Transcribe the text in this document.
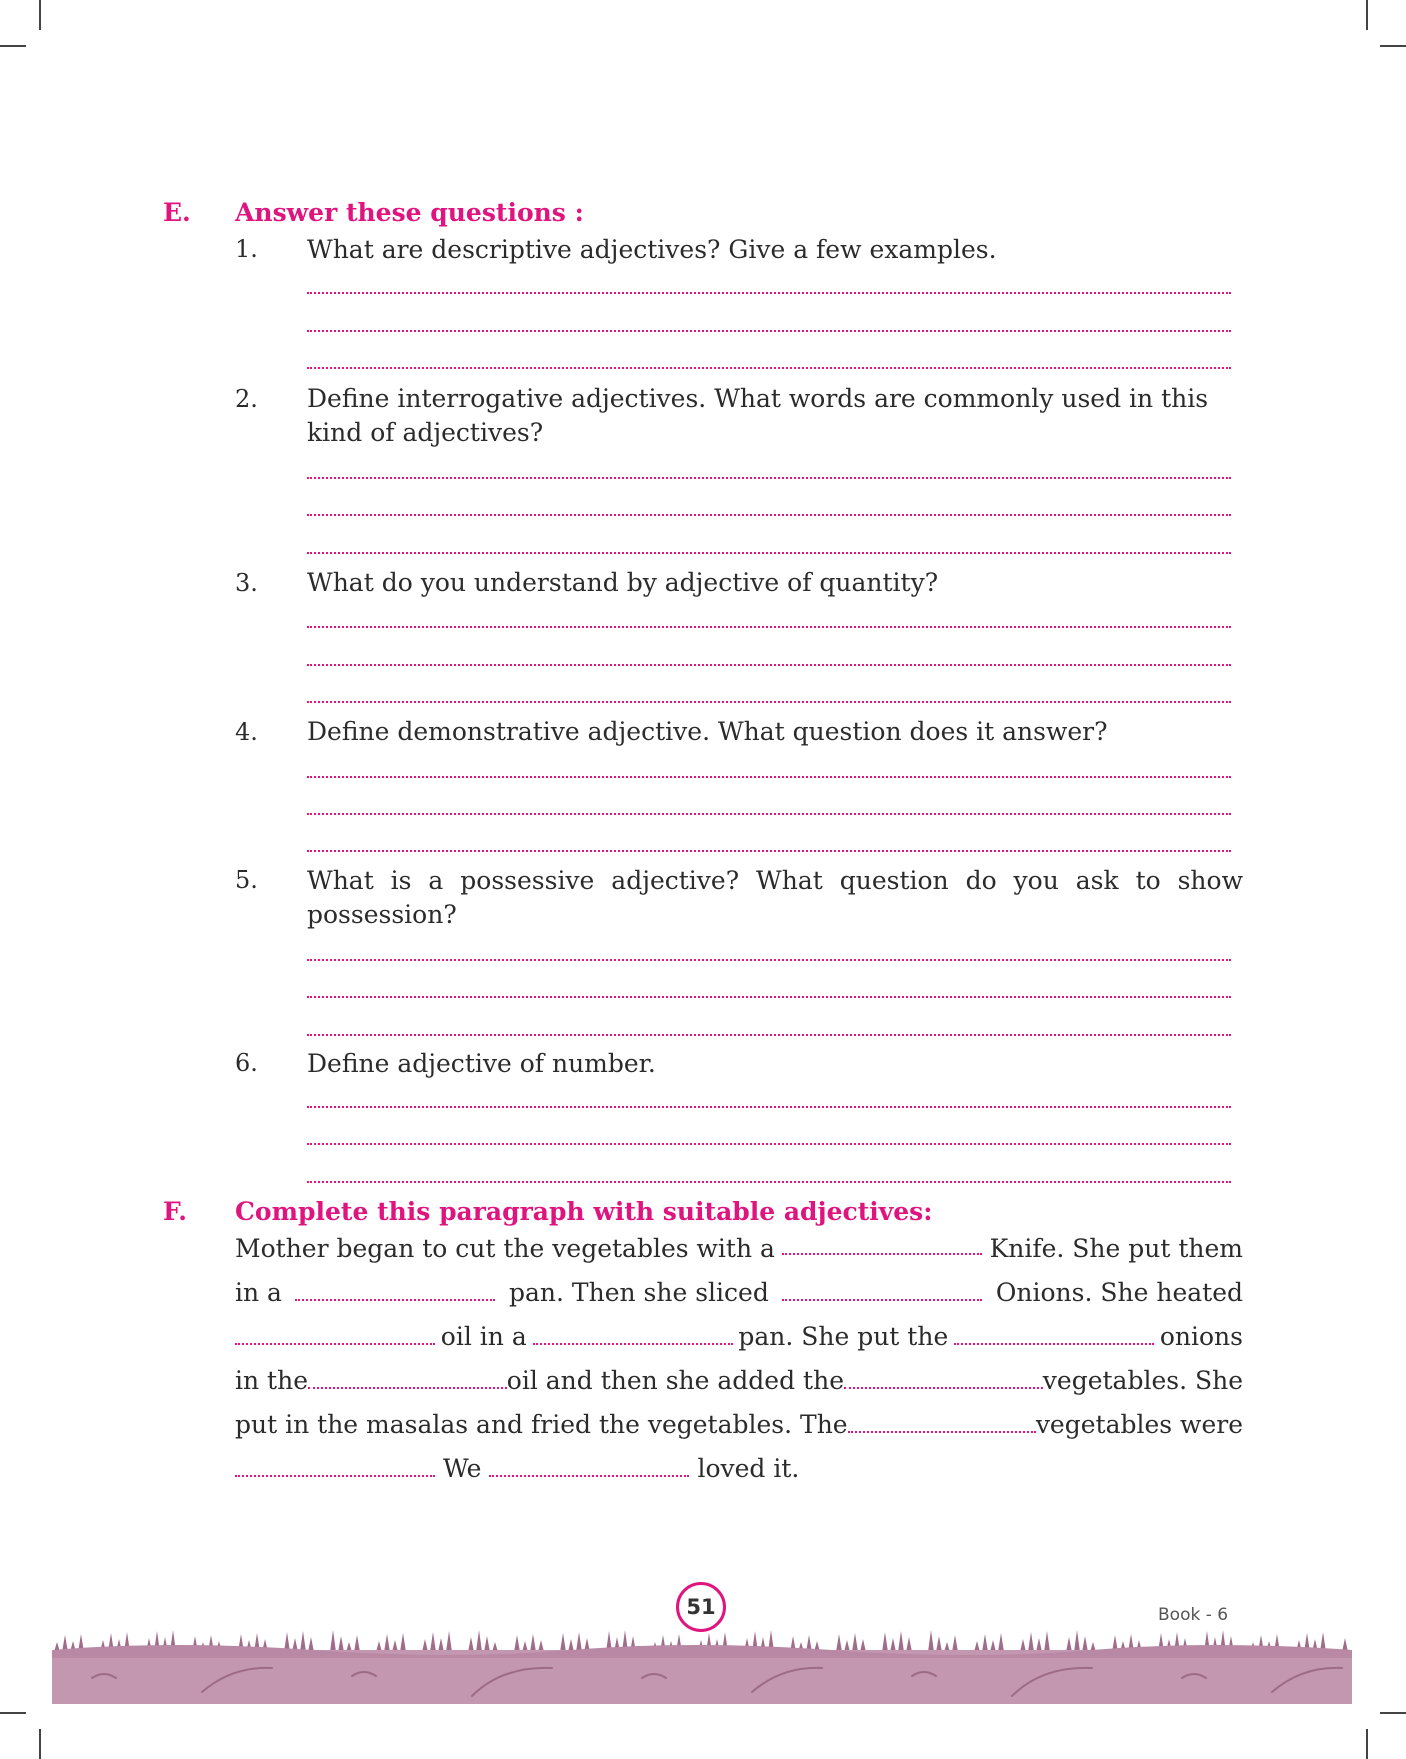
E. Answer these questions :
1. What are descriptive adjectives? Give a few examples.
2. Define interrogative adjectives. What words are commonly used in this kind of adjectives?
3. What do you understand by adjective of quantity?
4. Define demonstrative adjective. What question does it answer?
5. What is a possessive adjective? What question do you ask to show possession?
6. Define adjective of number.
F. Complete this paragraph with suitable adjectives:
Mother began to cut the vegetables with a	Knife. She put them
in a	pan. Then she sliced	Onions. She heated
oil in a	pan. She put the	onions
in the	oil and then she added the	vegetables. She
put in the masalas and fried the vegetables. The	vegetables were
We	loved it.
51	Book - 6
